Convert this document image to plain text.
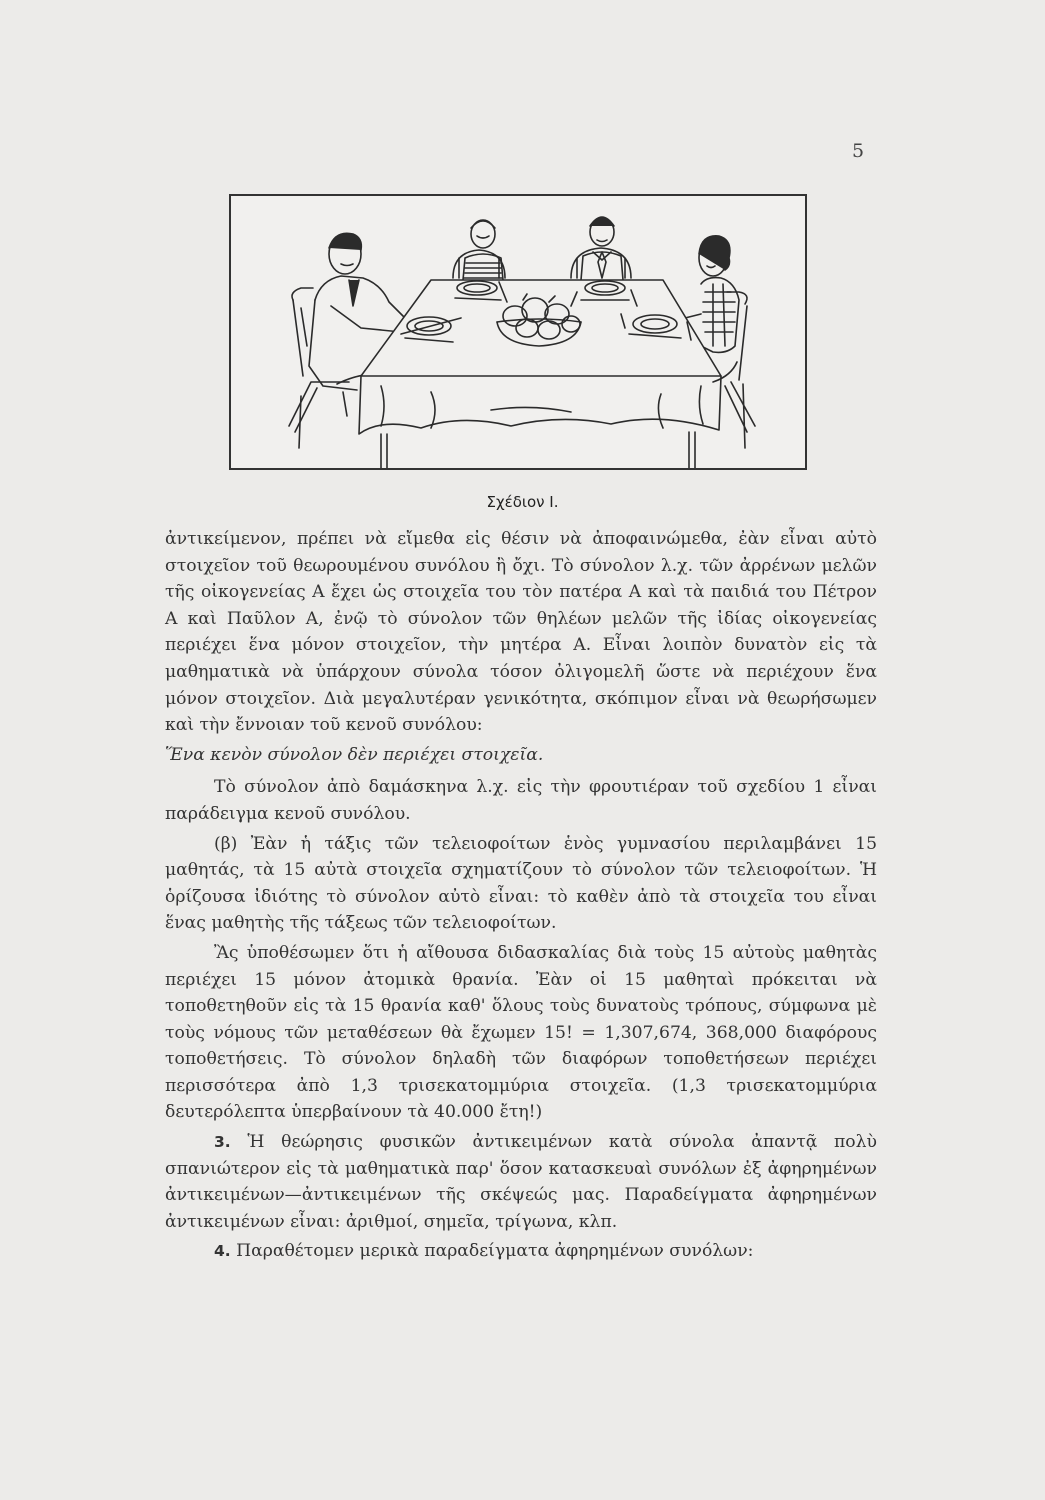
5
Σχέδιον Ι.

ἀντικείμενον, πρέπει νὰ εἴμεθα εἰς θέσιν νὰ ἀποφαινώμεθα, ἐὰν εἶναι αὐτὸ στοιχεῖον τοῦ θεωρουμένου συνόλου ἢ ὄχι. Τὸ σύνολον λ.χ. τῶν ἀρρένων μελῶν τῆς οἰκογενείας Α ἔχει ὡς στοιχεῖα του τὸν πατέρα Α καὶ τὰ παιδιά του Πέτρον Α καὶ Παῦλον Α, ἐνῷ τὸ σύνολον τῶν θηλέων μελῶν τῆς ἰδίας οἰκογενείας περιέχει ἕνα μόνον στοιχεῖον, τὴν μητέρα Α. Εἶναι λοιπὸν δυνατὸν εἰς τὰ μαθηματικὰ νὰ ὑπάρχουν σύνολα τόσον ὀλιγομελῆ ὥστε νὰ περιέχουν ἕνα μόνον στοιχεῖον. Διὰ μεγαλυτέραν γενικότητα, σκόπιμον εἶναι νὰ θεωρήσωμεν καὶ τὴν ἔννοιαν τοῦ κενοῦ συνόλου:

Ἕνα κενὸν σύνολον δὲν περιέχει στοιχεῖα.

Τὸ σύνολον ἀπὸ δαμάσκηνα λ.χ. εἰς τὴν φρουτιέραν τοῦ σχεδίου 1 εἶναι παράδειγμα κενοῦ συνόλου.

(β) Ἐὰν ἡ τάξις τῶν τελειοφοίτων ἑνὸς γυμνασίου περιλαμβάνει 15 μαθητάς, τὰ 15 αὐτὰ στοιχεῖα σχηματίζουν τὸ σύνολον τῶν τελειοφοίτων. Ἡ ὁρίζουσα ἰδιότης τὸ σύνολον αὐτὸ εἶναι: τὸ καθὲν ἀπὸ τὰ στοιχεῖα του εἶναι ἕνας μαθητὴς τῆς τάξεως τῶν τελειοφοίτων.

Ἂς ὑποθέσωμεν ὅτι ἡ αἴθουσα διδασκαλίας διὰ τοὺς 15 αὐτοὺς μαθητὰς περιέχει 15 μόνον ἀτομικὰ θρανία. Ἐὰν οἱ 15 μαθηταὶ πρόκειται νὰ τοποθετηθοῦν εἰς τὰ 15 θρανία καθ' ὅλους τοὺς δυνατοὺς τρόπους, σύμφωνα μὲ τοὺς νόμους τῶν μεταθέσεων θὰ ἔχωμεν 15! = 1,307,674, 368,000 διαφόρους τοποθετήσεις. Τὸ σύνολον δηλαδὴ τῶν διαφόρων τοποθετήσεων περιέχει περισσότερα ἀπὸ 1,3 τρισεκατομμύρια στοιχεῖα. (1,3 τρισεκατομμύρια δευτερόλεπτα ὑπερβαίνουν τὰ 40.000 ἔτη!)

3. Ἡ θεώρησις φυσικῶν ἀντικειμένων κατὰ σύνολα ἀπαντᾷ πολὺ σπανιώτερον εἰς τὰ μαθηματικὰ παρ' ὅσον κατασκευαὶ συνόλων ἐξ ἀφηρημένων ἀντικειμένων—ἀντικειμένων τῆς σκέψεώς μας. Παραδείγματα ἀφηρημένων ἀντικειμένων εἶναι: ἀριθμοί, σημεῖα, τρίγωνα, κλπ.

4. Παραθέτομεν μερικὰ παραδείγματα ἀφηρημένων συνόλων:
